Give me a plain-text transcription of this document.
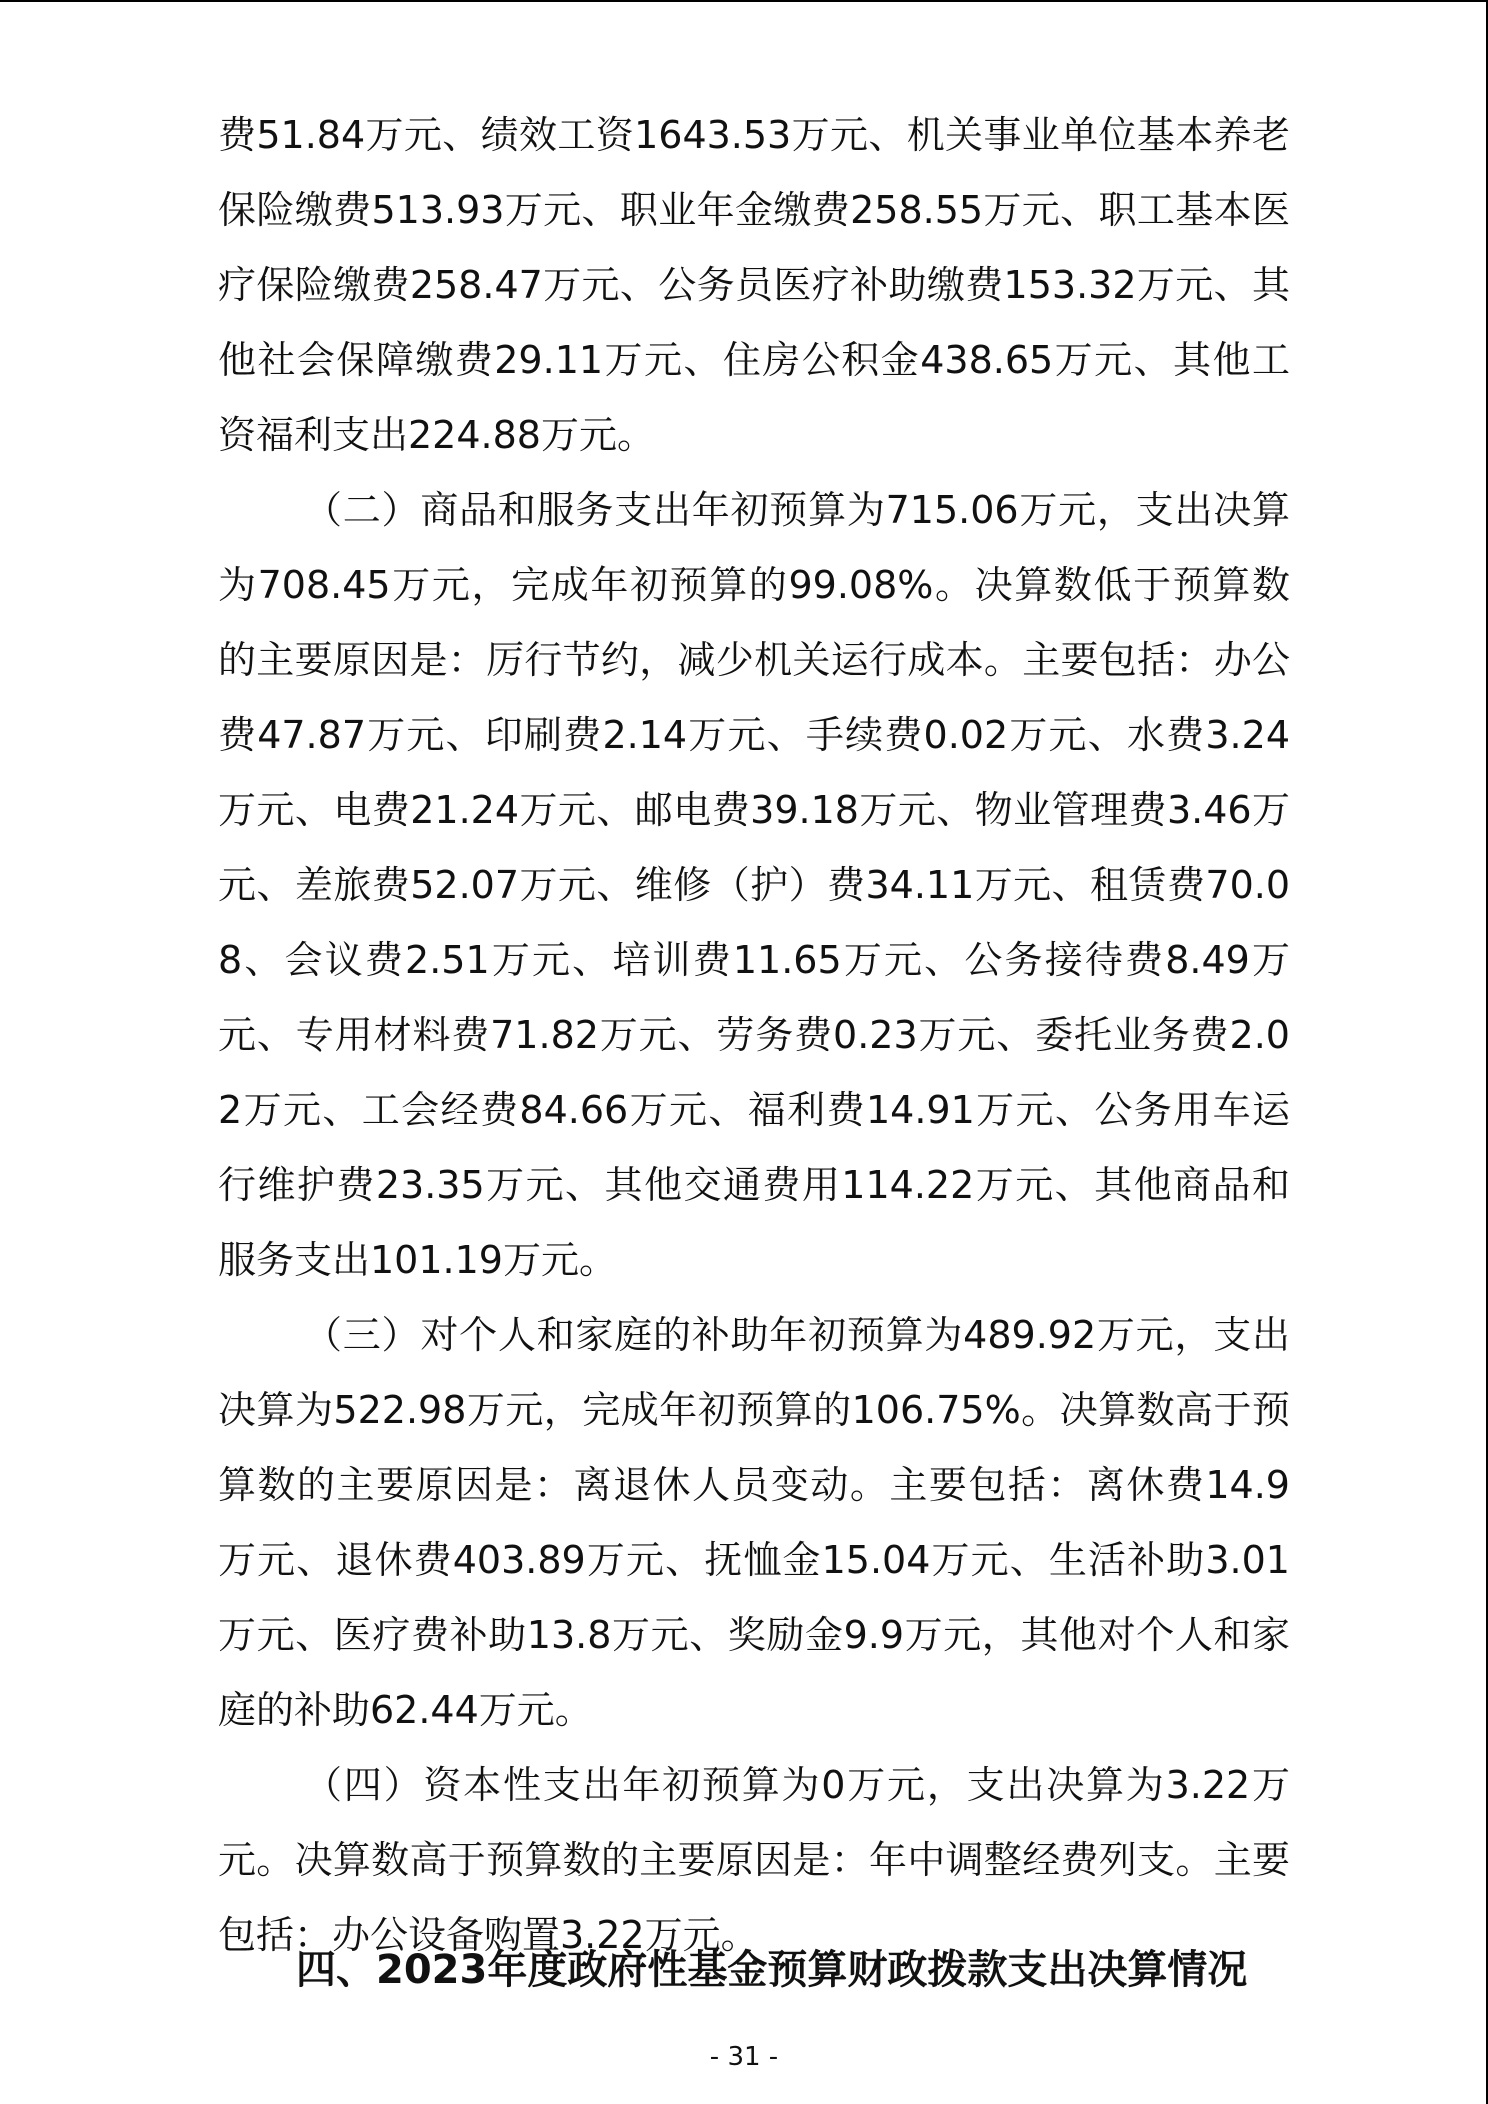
费51.84万元、绩效工资1643.53万元、机关事业单位基本养老保险缴费513.93万元、职业年金缴费258.55万元、职工基本医疗保险缴费258.47万元、公务员医疗补助缴费153.32万元、其他社会保障缴费29.11万元、住房公积金438.65万元、其他工资福利支出224.88万元。

（二）商品和服务支出年初预算为715.06万元，支出决算为708.45万元，完成年初预算的99.08%。决算数低于预算数的主要原因是：厉行节约，减少机关运行成本。主要包括：办公费47.87万元、印刷费2.14万元、手续费0.02万元、水费3.24万元、电费21.24万元、邮电费39.18万元、物业管理费3.46万元、差旅费52.07万元、维修（护）费34.11万元、租赁费70.08、会议费2.51万元、培训费11.65万元、公务接待费8.49万元、专用材料费71.82万元、劳务费0.23万元、委托业务费2.02万元、工会经费84.66万元、福利费14.91万元、公务用车运行维护费23.35万元、其他交通费用114.22万元、其他商品和服务支出101.19万元。

（三）对个人和家庭的补助年初预算为489.92万元，支出决算为522.98万元，完成年初预算的106.75%。决算数高于预算数的主要原因是：离退休人员变动。主要包括：离休费14.9万元、退休费403.89万元、抚恤金15.04万元、生活补助3.01万元、医疗费补助13.8万元、奖励金9.9万元，其他对个人和家庭的补助62.44万元。

（四）资本性支出年初预算为0万元，支出决算为3.22万元。决算数高于预算数的主要原因是：年中调整经费列支。主要包括：办公设备购置3.22万元。

四、2023年度政府性基金预算财政拨款支出决算情况
- 31 -
